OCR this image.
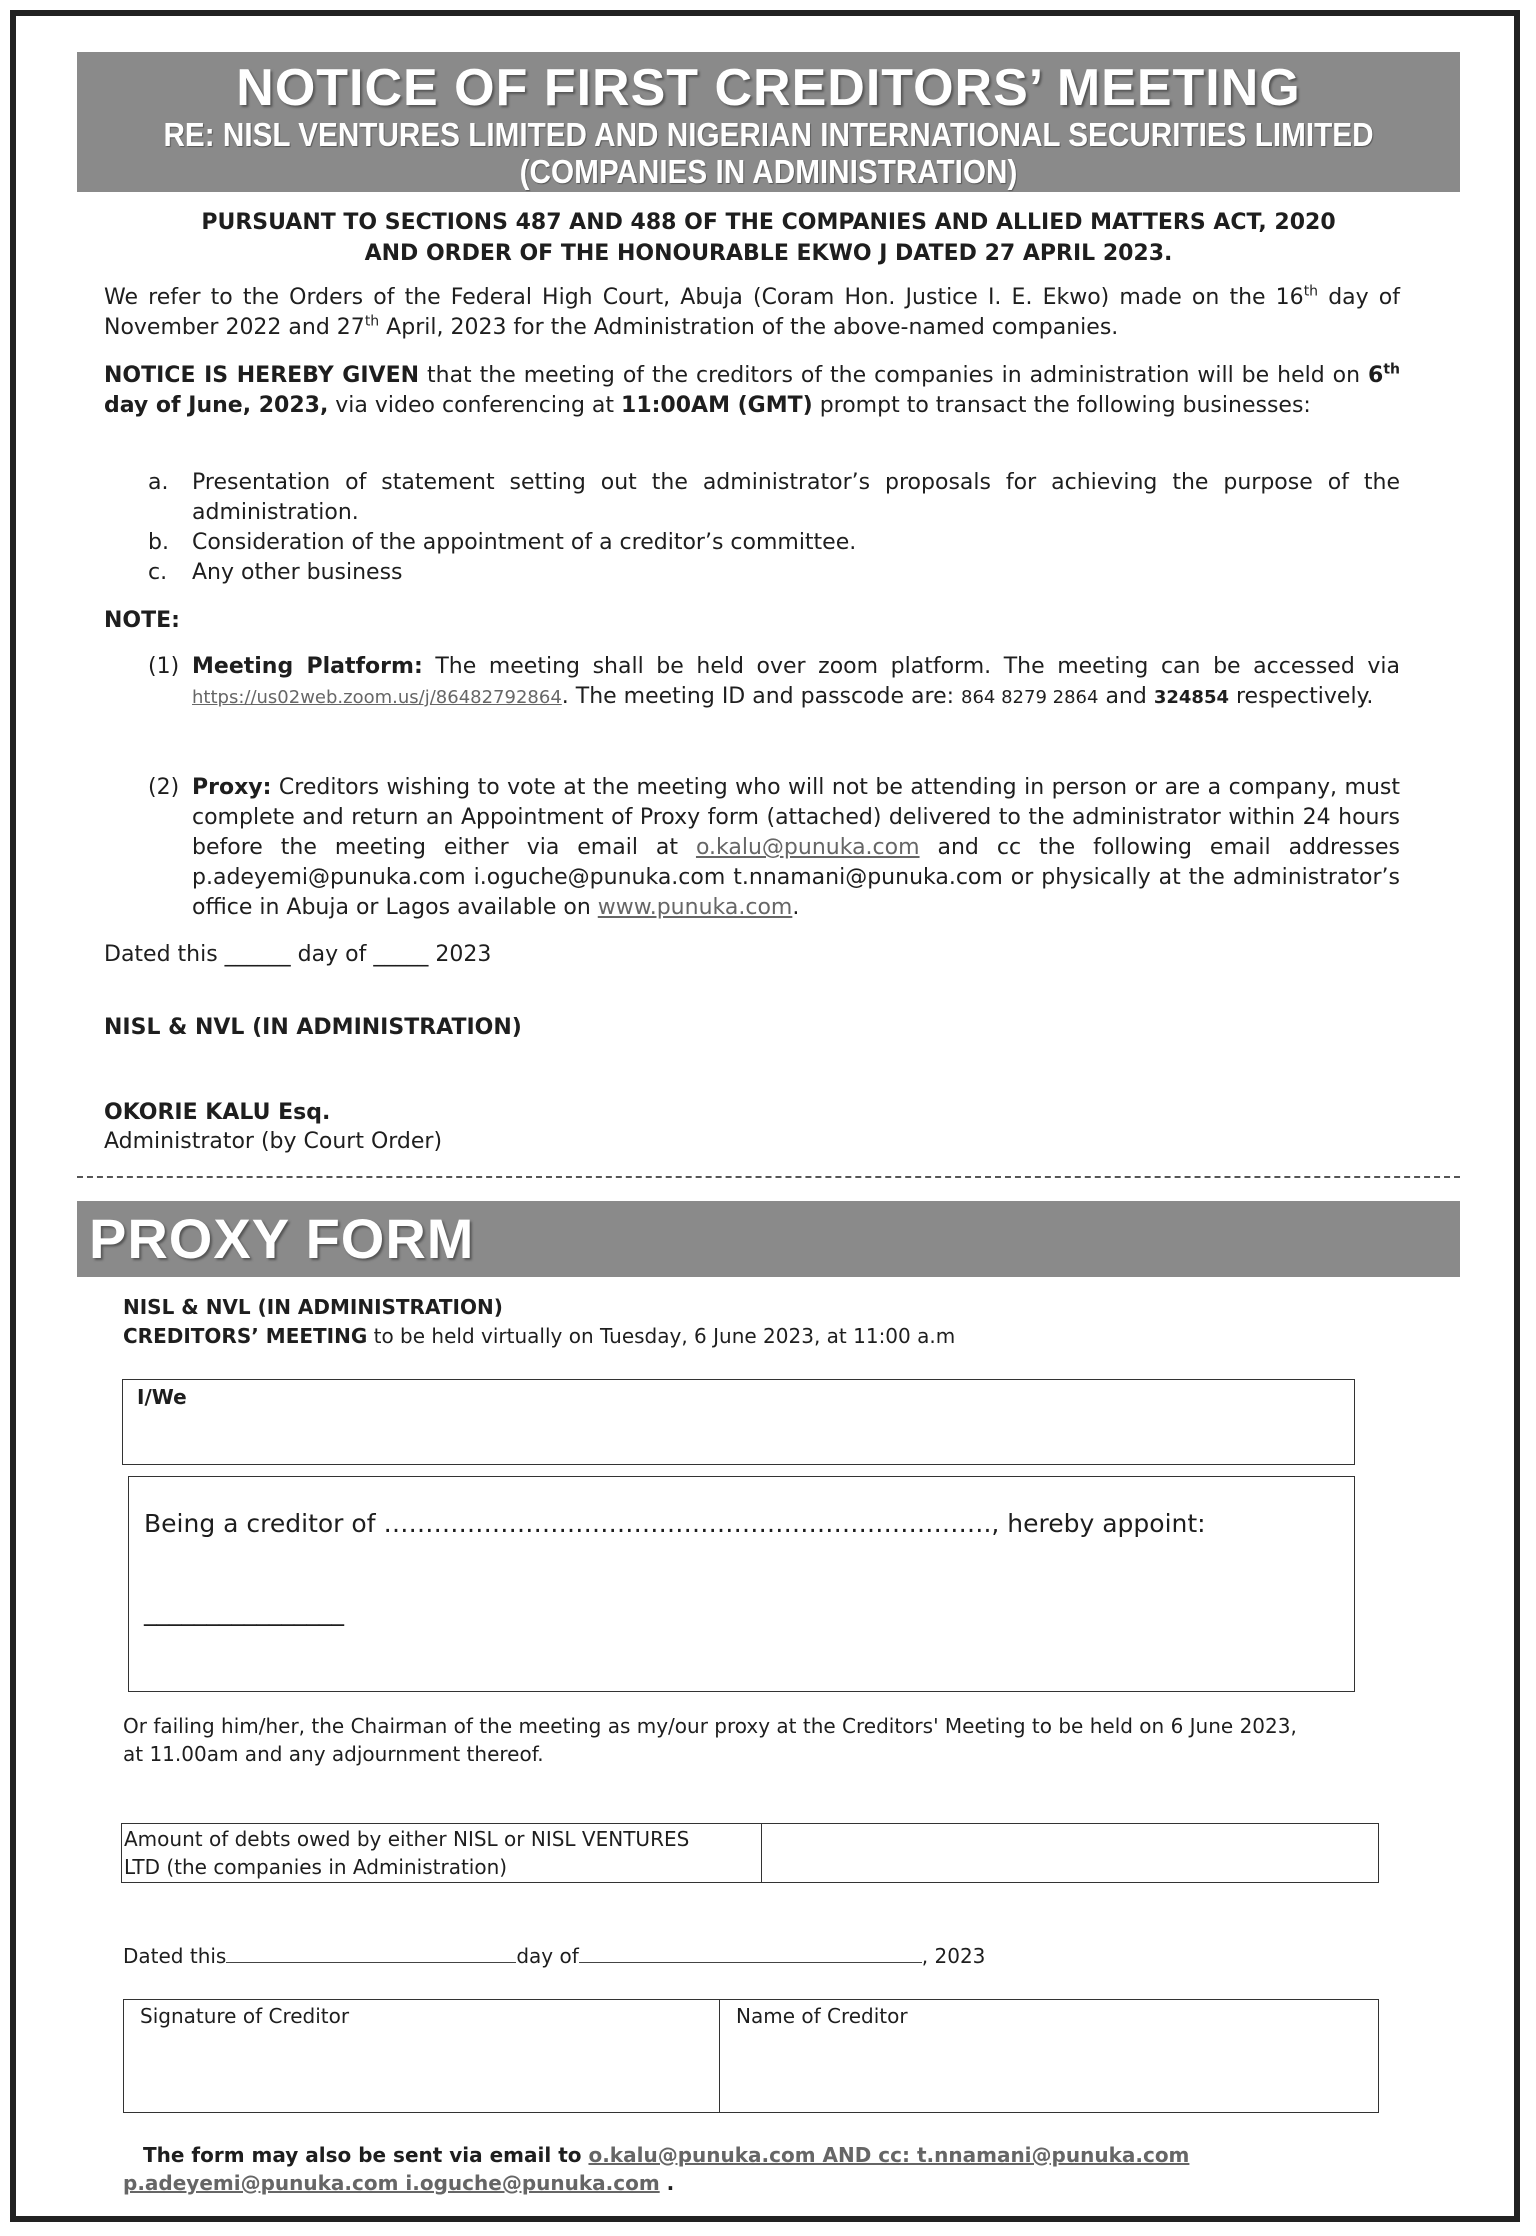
NOTICE OF FIRST CREDITORS’ MEETING
RE: NISL VENTURES LIMITED AND NIGERIAN INTERNATIONAL SECURITIES LIMITED
(COMPANIES IN ADMINISTRATION)
PURSUANT TO SECTIONS 487 AND 488 OF THE COMPANIES AND ALLIED MATTERS ACT, 2020
AND ORDER OF THE HONOURABLE EKWO J DATED 27 APRIL 2023.
We refer to the Orders of the Federal High Court, Abuja (Coram Hon. Justice I. E. Ekwo) made on the 16th day of November 2022 and 27th April, 2023 for the Administration of the above-named companies.
NOTICE IS HEREBY GIVEN that the meeting of the creditors of the companies in administration will be held on 6th day of June, 2023, via video conferencing at 11:00AM (GMT) prompt to transact the following businesses:
a. Presentation of statement setting out the administrator’s proposals for achieving the purpose of the administration.
b. Consideration of the appointment of a creditor’s committee.
c. Any other business
NOTE:
(1) Meeting Platform: The meeting shall be held over zoom platform. The meeting can be accessed via https://us02web.zoom.us/j/86482792864. The meeting ID and passcode are: 864 8279 2864 and 324854 respectively.
(2) Proxy: Creditors wishing to vote at the meeting who will not be attending in person or are a company, must complete and return an Appointment of Proxy form (attached) delivered to the administrator within 24 hours before the meeting either via email at o.kalu@punuka.com and cc the following email addresses p.adeyemi@punuka.com i.oguche@punuka.com t.nnamani@punuka.com or physically at the administrator’s office in Abuja or Lagos available on www.punuka.com.
Dated this ______ day of _____ 2023
NISL & NVL (IN ADMINISTRATION)
OKORIE KALU Esq.
Administrator (by Court Order)
PROXY FORM
NISL & NVL (IN ADMINISTRATION)
CREDITORS’ MEETING to be held virtually on Tuesday, 6 June 2023, at 11:00 a.m
I/We
Being a creditor of ………………………………………………………………., hereby appoint:
________________
Or failing him/her, the Chairman of the meeting as my/our proxy at the Creditors' Meeting to be held on 6 June 2023,
at 11.00am and any adjournment thereof.
Amount of debts owed by either NISL or NISL VENTURES
LTD (the companies in Administration)
Dated this	day of	, 2023
Signature of Creditor	Name of Creditor
The form may also be sent via email to o.kalu@punuka.com AND cc: t.nnamani@punuka.com
p.adeyemi@punuka.com i.oguche@punuka.com .
